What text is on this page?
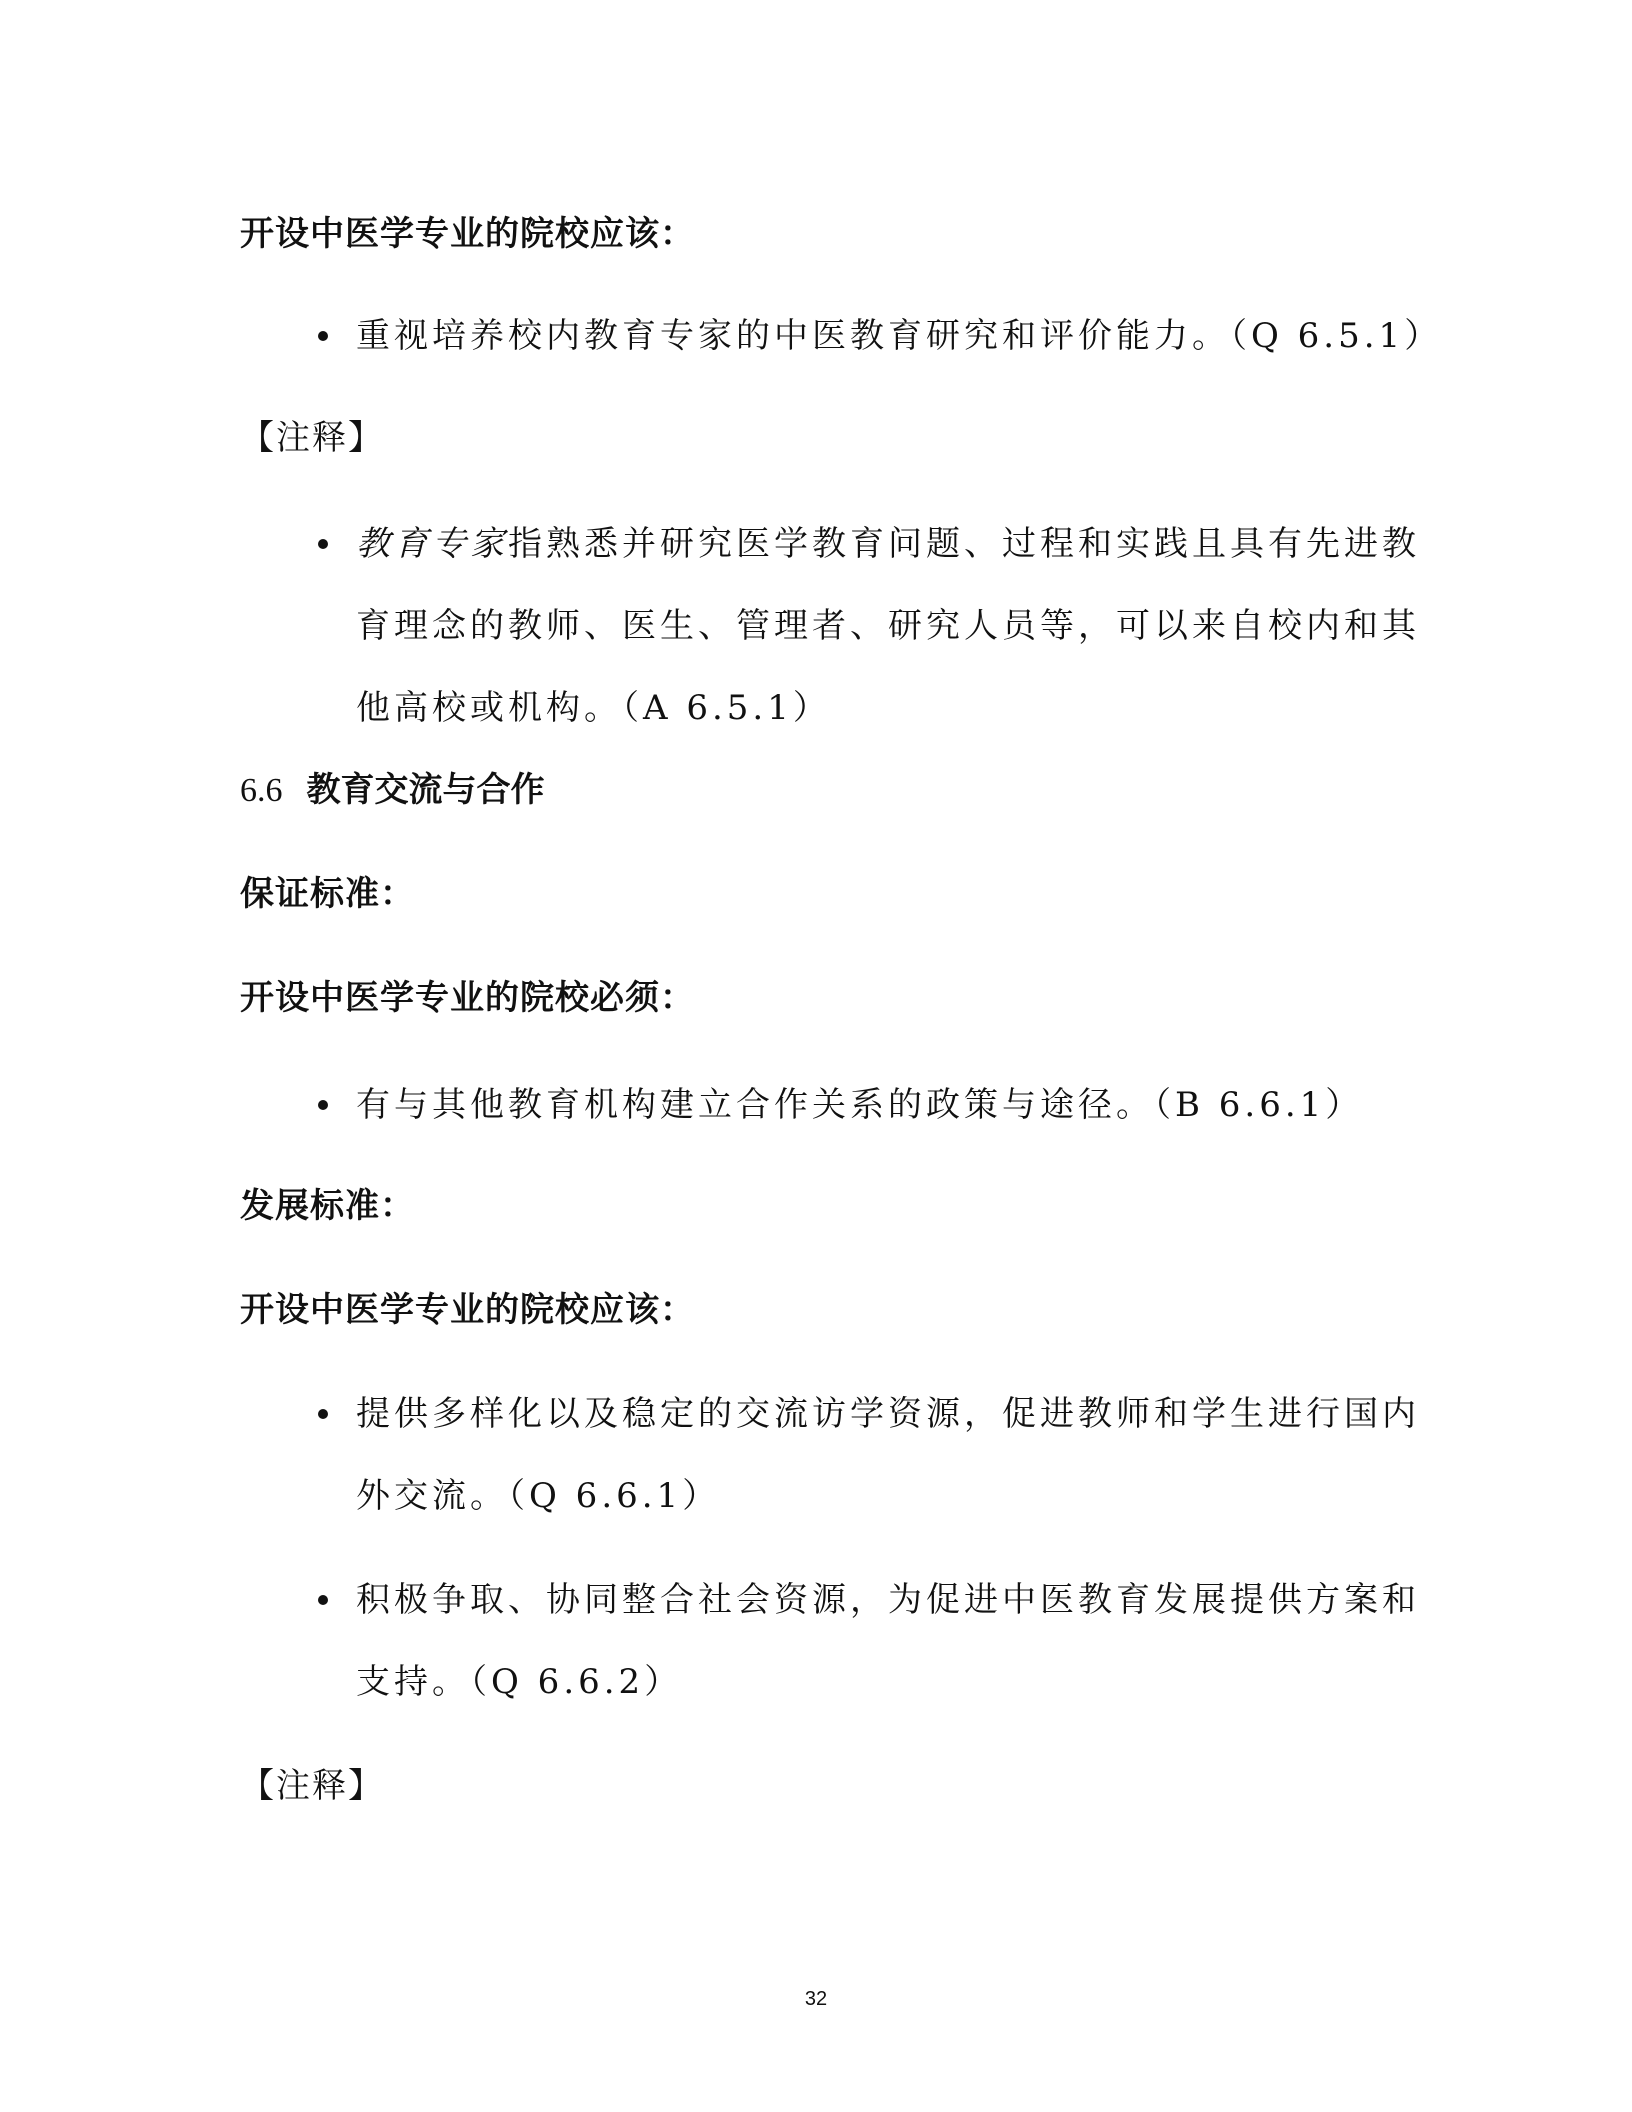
开设中医学专业的院校应该：
重视培养校内教育专家的中医教育研究和评价能力。（Q 6.5.1）
【注释】
教育专家指熟悉并研究医学教育问题、过程和实践且具有先进教
育理念的教师、医生、管理者、研究人员等，可以来自校内和其
他高校或机构。（A 6.5.1）
6.6 教育交流与合作
保证标准：
开设中医学专业的院校必须：
有与其他教育机构建立合作关系的政策与途径。（B 6.6.1）
发展标准：
开设中医学专业的院校应该：
提供多样化以及稳定的交流访学资源，促进教师和学生进行国内
外交流。（Q 6.6.1）
积极争取、协同整合社会资源，为促进中医教育发展提供方案和
支持。（Q 6.6.2）
【注释】
32
